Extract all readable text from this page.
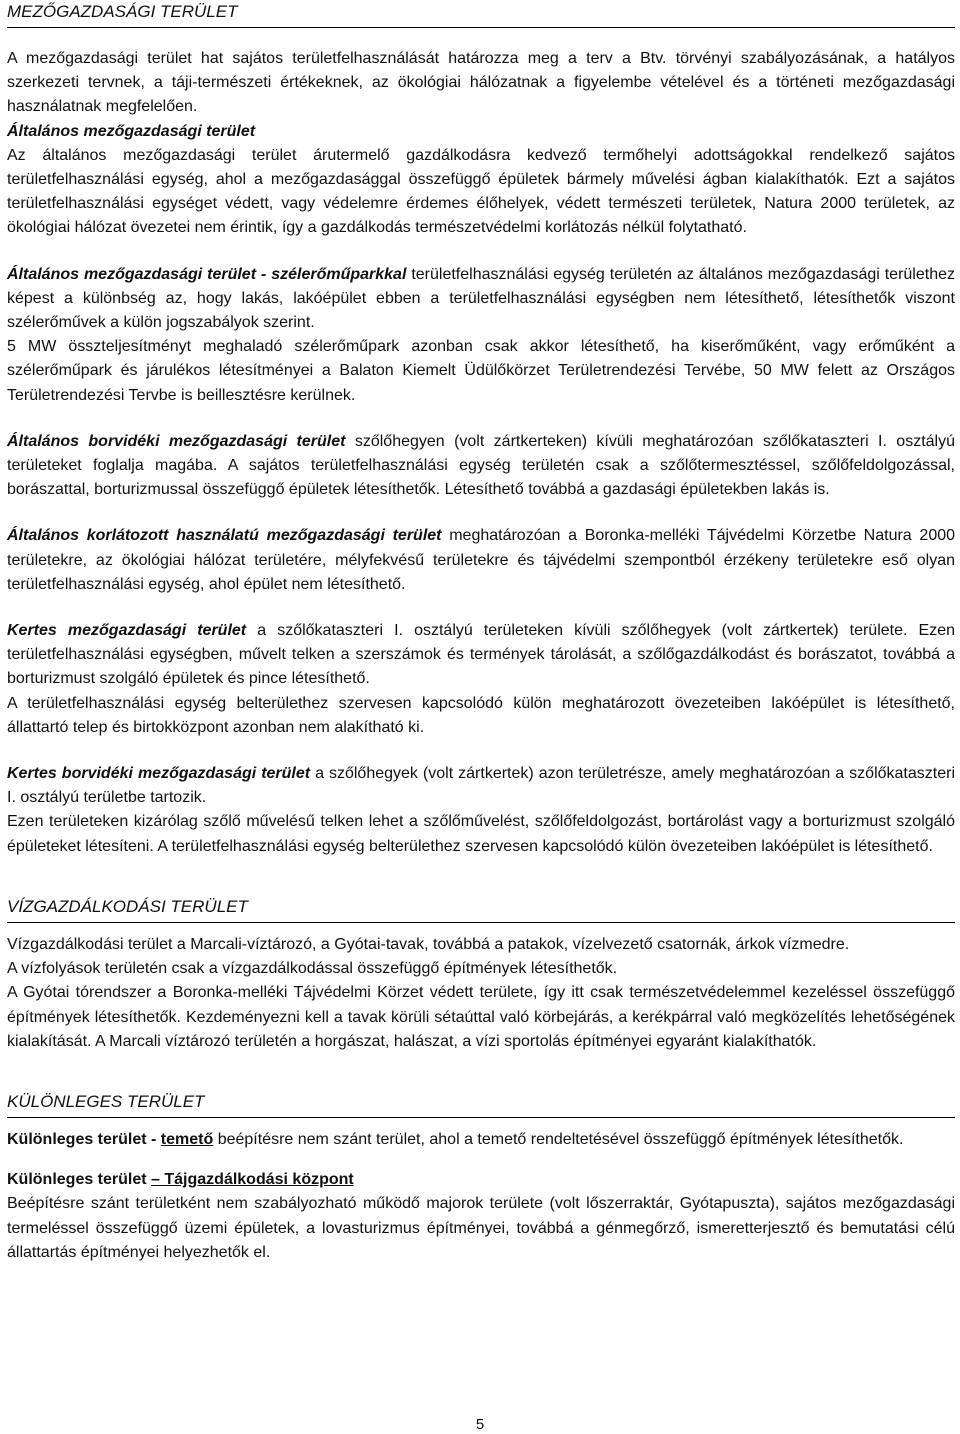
MEZŐGAZDASÁGI TERÜLET

A mezőgazdasági terület hat sajátos területfelhasználását határozza meg a terv a Btv. törvényi szabályozásának, a hatályos szerkezeti tervnek, a táji-természeti értékeknek, az ökológiai hálózatnak a figyelembe vételével és a történeti mezőgazdasági használatnak megfelelően.

Általános mezőgazdasági terület

Az általános mezőgazdasági terület árutermelő gazdálkodásra kedvező termőhelyi adottságokkal rendelkező sajátos területfelhasználási egység, ahol a mezőgazdasággal összefüggő épületek bármely művelési ágban kialakíthatók. Ezt a sajátos területfelhasználási egységet védett, vagy védelemre érdemes élőhelyek, védett természeti területek, Natura 2000 területek, az ökológiai hálózat övezetei nem érintik, így a gazdálkodás természetvédelmi korlátozás nélkül folytatható.

Általános mezőgazdasági terület - szélerőműparkkal területfelhasználási egység területén az általános mezőgazdasági területhez képest a különbség az, hogy lakás, lakóépület ebben a területfelhasználási egységben nem létesíthető, létesíthetők viszont szélerőművek a külön jogszabályok szerint.

5 MW összteljesítményt meghaladó szélerőműpark azonban csak akkor létesíthető, ha kiserőműként, vagy erőműként a szélerőműpark és járulékos létesítményei a Balaton Kiemelt Üdülőkörzet Területrendezési Tervébe, 50 MW felett az Országos Területrendezési Tervbe is beillesztésre kerülnek.

Általános borvidéki mezőgazdasági terület szőlőhegyen (volt zártkerteken) kívüli meghatározóan szőlőkataszteri I. osztályú területeket foglalja magába. A sajátos területfelhasználási egység területén csak a szőlőtermesztéssel, szőlőfeldolgozással, borászattal, borturizmussal összefüggő épületek létesíthetők. Létesíthető továbbá a gazdasági épületekben lakás is.

Általános korlátozott használatú mezőgazdasági terület meghatározóan a Boronka-melléki Tájvédelmi Körzetbe Natura 2000 területekre, az ökológiai hálózat területére, mélyfekvésű területekre és tájvédelmi szempontból érzékeny területekre eső olyan területfelhasználási egység, ahol épület nem létesíthető.

Kertes mezőgazdasági terület a szőlőkataszteri I. osztályú területeken kívüli szőlőhegyek (volt zártkertek) területe. Ezen területfelhasználási egységben, művelt telken a szerszámok és termények tárolását, a szőlőgazdálkodást és borászatot, továbbá a borturizmust szolgáló épületek és pince létesíthető.

A területfelhasználási egység belterülethez szervesen kapcsolódó külön meghatározott övezeteiben lakóépület is létesíthető, állattartó telep és birtokközpont azonban nem alakítható ki.

Kertes borvidéki mezőgazdasági terület a szőlőhegyek (volt zártkertek) azon területrésze, amely meghatározóan a szőlőkataszteri I. osztályú területbe tartozik.

Ezen területeken kizárólag szőlő művelésű telken lehet a szőlőművelést, szőlőfeldolgozást, bortárolást vagy a borturizmust szolgáló épületeket létesíteni. A területfelhasználási egység belterülethez szervesen kapcsolódó külön övezeteiben lakóépület is létesíthető.

VÍZGAZDÁLKODÁSI TERÜLET

Vízgazdálkodási terület a Marcali-víztározó, a Gyótai-tavak, továbbá a patakok, vízelvezető csatornák, árkok vízmedre.

A vízfolyások területén csak a vízgazdálkodással összefüggő építmények létesíthetők.

A Gyótai tórendszer a Boronka-melléki Tájvédelmi Körzet védett területe, így itt csak természetvédelemmel kezeléssel összefüggő építmények létesíthetők. Kezdeményezni kell a tavak körüli sétaúttal való körbejárás, a kerékpárral való megközelítés lehetőségének kialakítását. A Marcali víztározó területén a horgászat, halászat, a vízi sportolás építményei egyaránt kialakíthatók.

KÜLÖNLEGES TERÜLET

Különleges terület - temető beépítésre nem szánt terület, ahol a temető rendeltetésével összefüggő építmények létesíthetők.

Különleges terület – Tájgazdálkodási központ

Beépítésre szánt területként nem szabályozható működő majorok területe (volt lőszerraktár, Gyótapuszta), sajátos mezőgazdasági termeléssel összefüggő üzemi épületek, a lovasturizmus építményei, továbbá a génmegőrző, ismeretterjesztő és bemutatási célú állattartás építményei helyezhetők el.

5
